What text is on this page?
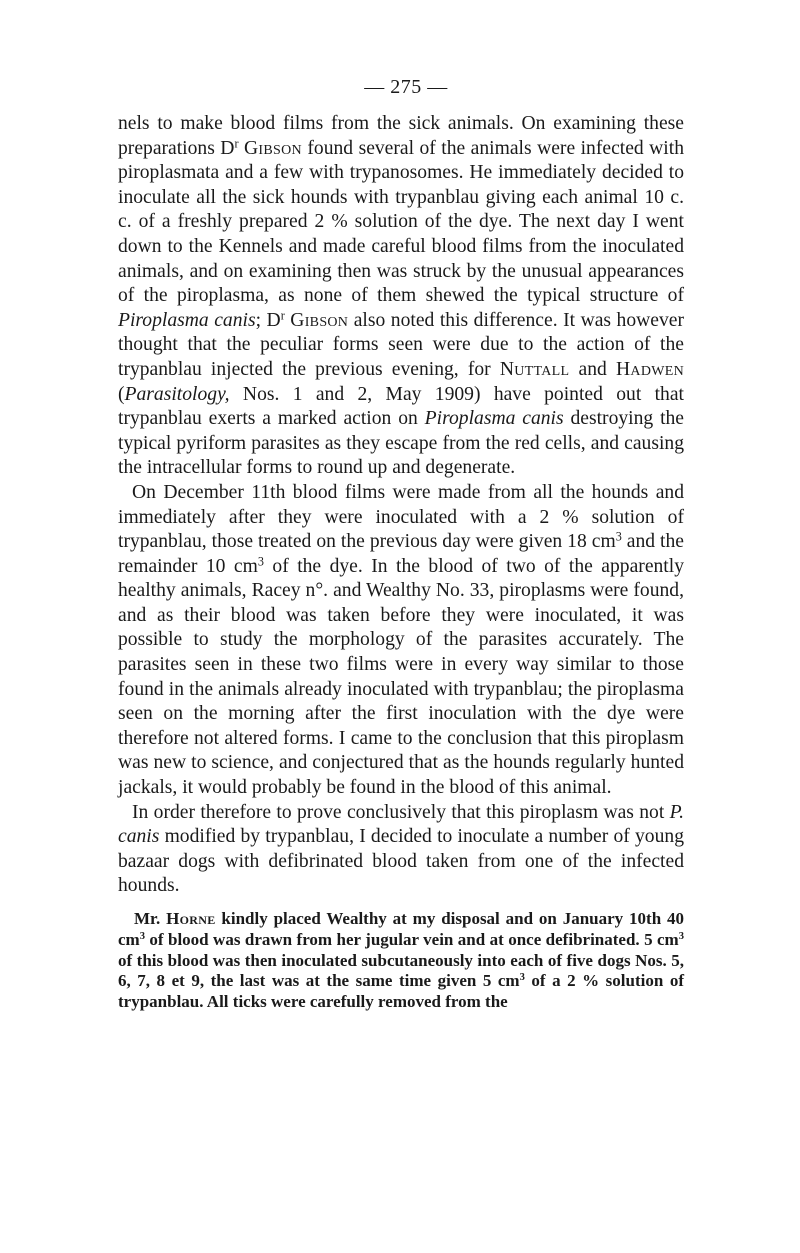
— 275 —

nels to make blood films from the sick animals. On examining these preparations $D^r$ Gibson found several of the animals were infected with piroplasmata and a few with trypanosomes. He immediately decided to inoculate all the sick hounds with trypanblau giving each animal 10 c. c. of a freshly prepared 2 % solution of the dye. The next day I went down to the Kennels and made careful blood films from the inoculated animals, and on examining then was struck by the unusual appearances of the piroplasma, as none of them shewed the typical structure of Piroplasma canis; $D^r$ Gibson also noted this difference. It was however thought that the peculiar forms seen were due to the action of the trypanblau injected the previous evening, for Nuttall and Hadwen (Parasitology, Nos. 1 and 2, May 1909) have pointed out that trypanblau exerts a marked action on Piroplasma canis destroying the typical pyriform parasites as they escape from the red cells, and causing the intracellular forms to round up and degenerate.

On December 11th blood films were made from all the hounds and immediately after they were inoculated with a 2 % solution of trypanblau, those treated on the previous day were given 18 $cm^3$ and the remainder 10 $cm^3$ of the dye. In the blood of two of the apparently healthy animals, Racey n°. and Wealthy No. 33, piroplasms were found, and as their blood was taken before they were inoculated, it was possible to study the morphology of the parasites accurately. The parasites seen in these two films were in every way similar to those found in the animals already inoculated with trypanblau; the piroplasma seen on the morning after the first inoculation with the dye were therefore not altered forms. I came to the conclusion that this piroplasm was new to science, and conjectured that as the hounds regularly hunted jackals, it would probably be found in the blood of this animal.

In order therefore to prove conclusively that this piroplasm was not P. canis modified by trypanblau, I decided to inoculate a number of young bazaar dogs with defibrinated blood taken from one of the infected hounds.

Mr. Horne kindly placed Wealthy at my disposal and on January 10th 40 $cm^3$ of blood was drawn from her jugular vein and at once defibrinated. 5 $cm^3$ of this blood was then inoculated subcutaneously into each of five dogs Nos. 5, 6, 7, 8 et 9, the last was at the same time given 5 $cm^3$ of a 2 % solution of trypanblau. All ticks were carefully removed from the
